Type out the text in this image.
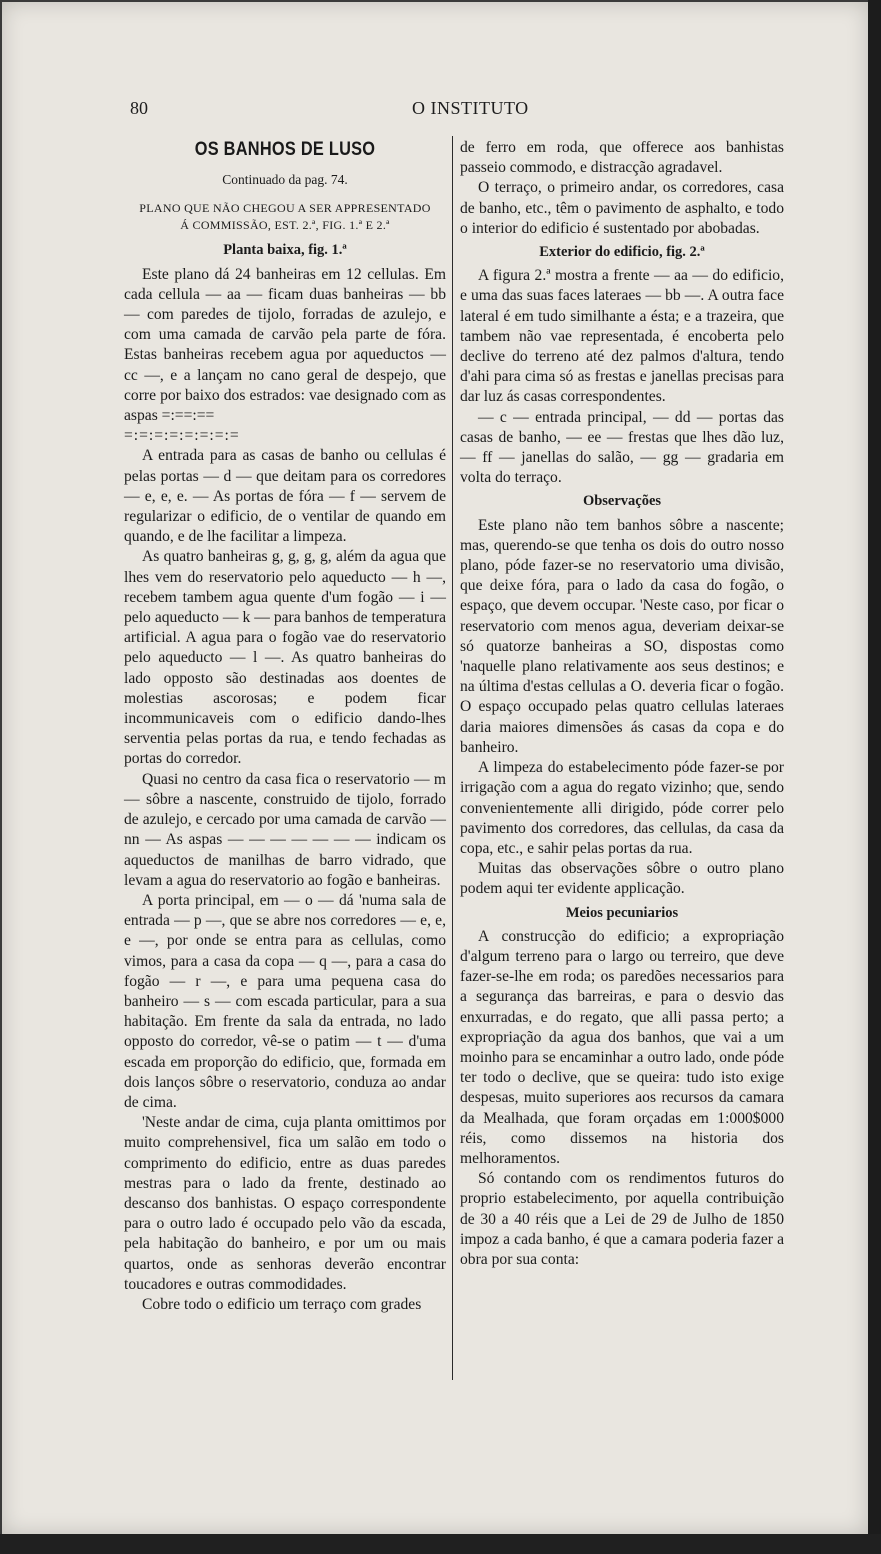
80	O INSTITUTO
OS BANHOS DE LUSO
Continuado da pag. 74.
PLANO QUE NÃO CHEGOU A SER APPRESENTADO
Á COMMISSÃO, EST. 2.ª, FIG. 1.ª E 2.ª
Planta baixa, fig. 1.ª

Este plano dá 24 banheiras em 12 cellulas. Em cada cellula — aa — ficam duas banheiras — bb — com paredes de tijolo, forradas de azulejo, e com uma camada de carvão pela parte de fóra. Estas banheiras recebem agua por aqueductos — cc —, e a lançam no cano geral de despejo, que corre por baixo dos estrados: vae designado com as aspas =:==:==

=:=:=:=:=:=:=:=

A entrada para as casas de banho ou cellulas é pelas portas — d — que deitam para os corredores — e, e, e. — As portas de fóra — f — servem de regularizar o edificio, de o ventilar de quando em quando, e de lhe facilitar a limpeza.

As quatro banheiras g, g, g, g, além da agua que lhes vem do reservatorio pelo aqueducto — h —, recebem tambem agua quente d'um fogão — i — pelo aqueducto — k — para banhos de temperatura artificial. A agua para o fogão vae do reservatorio pelo aqueducto — l —. As quatro banheiras do lado opposto são destinadas aos doentes de molestias ascorosas; e podem ficar incommunicaveis com o edificio dando-lhes serventia pelas portas da rua, e tendo fechadas as portas do corredor.

Quasi no centro da casa fica o reservatorio — m — sôbre a nascente, construido de tijolo, forrado de azulejo, e cercado por uma camada de carvão — nn — As aspas — — — — — — — indicam os aqueductos de manilhas de barro vidrado, que levam a agua do reservatorio ao fogão e banheiras.

A porta principal, em — o — dá 'numa sala de entrada — p —, que se abre nos corredores — e, e, e —, por onde se entra para as cellulas, como vimos, para a casa da copa — q —, para a casa do fogão — r —, e para uma pequena casa do banheiro — s — com escada particular, para a sua habitação. Em frente da sala da entrada, no lado opposto do corredor, vê-se o patim — t — d'uma escada em proporção do edificio, que, formada em dois lanços sôbre o reservatorio, conduza ao andar de cima.

'Neste andar de cima, cuja planta omittimos por muito comprehensivel, fica um salão em todo o comprimento do edificio, entre as duas paredes mestras para o lado da frente, destinado ao descanso dos banhistas. O espaço correspondente para o outro lado é occupado pelo vão da escada, pela habitação do banheiro, e por um ou mais quartos, onde as senhoras deverão encontrar toucadores e outras commodidades.

Cobre todo o edificio um terraço com grades

de ferro em roda, que offerece aos banhistas passeio commodo, e distracção agradavel.

O terraço, o primeiro andar, os corredores, casa de banho, etc., têm o pavimento de asphalto, e todo o interior do edificio é sustentado por abobadas.

Exterior do edificio, fig. 2.ª

A figura 2.ª mostra a frente — aa — do edificio, e uma das suas faces lateraes — bb —. A outra face lateral é em tudo similhante a ésta; e a trazeira, que tambem não vae representada, é encoberta pelo declive do terreno até dez palmos d'altura, tendo d'ahi para cima só as frestas e janellas precisas para dar luz ás casas correspondentes.

— c — entrada principal, — dd — portas das casas de banho, — ee — frestas que lhes dão luz, — ff — janellas do salão, — gg — gradaria em volta do terraço.

Observações

Este plano não tem banhos sôbre a nascente; mas, querendo-se que tenha os dois do outro nosso plano, póde fazer-se no reservatorio uma divisão, que deixe fóra, para o lado da casa do fogão, o espaço, que devem occupar. 'Neste caso, por ficar o reservatorio com menos agua, deveriam deixar-se só quatorze banheiras a SO, dispostas como 'naquelle plano relativamente aos seus destinos; e na última d'estas cellulas a O. deveria ficar o fogão. O espaço occupado pelas quatro cellulas lateraes daria maiores dimensões ás casas da copa e do banheiro.

A limpeza do estabelecimento póde fazer-se por irrigação com a agua do regato vizinho; que, sendo convenientemente alli dirigido, póde correr pelo pavimento dos corredores, das cellulas, da casa da copa, etc., e sahir pelas portas da rua.

Muitas das observações sôbre o outro plano podem aqui ter evidente applicação.

Meios pecuniarios

A construcção do edificio; a expropriação d'algum terreno para o largo ou terreiro, que deve fazer-se-lhe em roda; os paredões necessarios para a segurança das barreiras, e para o desvio das enxurradas, e do regato, que alli passa perto; a expropriação da agua dos banhos, que vai a um moinho para se encaminhar a outro lado, onde póde ter todo o declive, que se queira: tudo isto exige despesas, muito superiores aos recursos da camara da Mealhada, que foram orçadas em 1:000$000 réis, como dissemos na historia dos melhoramentos.

Só contando com os rendimentos futuros do proprio estabelecimento, por aquella contribuição de 30 a 40 réis que a Lei de 29 de Julho de 1850 impoz a cada banho, é que a camara poderia fazer a obra por sua conta:
